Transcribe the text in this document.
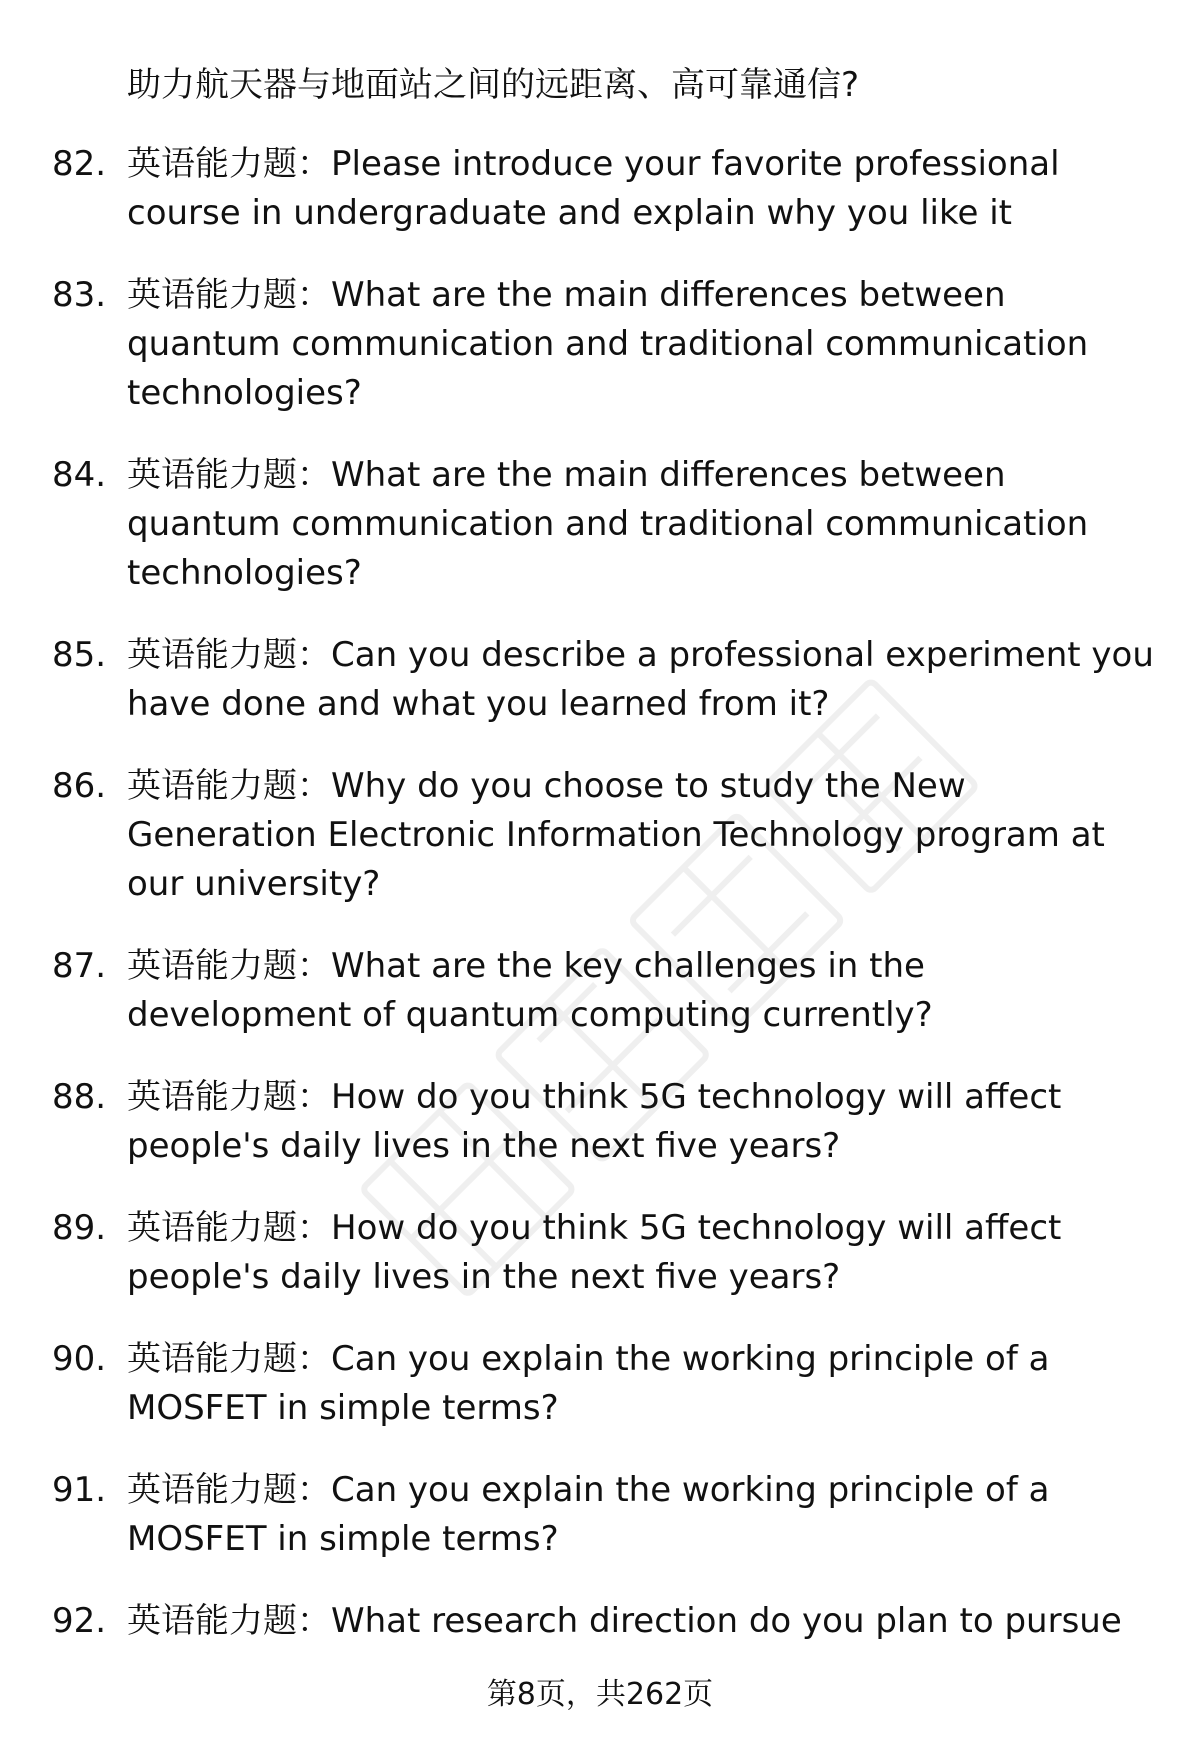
助力航天器与地面站之间的远距离、高可靠通信?
82. 英语能力题：Please introduce your favorite professional course in undergraduate and explain why you like it
83. 英语能力题：What are the main differences between quantum communication and traditional communication technologies?
84. 英语能力题：What are the main differences between quantum communication and traditional communication technologies?
85. 英语能力题：Can you describe a professional experiment you have done and what you learned from it?
86. 英语能力题：Why do you choose to study the New Generation Electronic Information Technology program at our university?
87. 英语能力题：What are the key challenges in the development of quantum computing currently?
88. 英语能力题：How do you think 5G technology will affect people's daily lives in the next five years?
89. 英语能力题：How do you think 5G technology will affect people's daily lives in the next five years?
90. 英语能力题：Can you explain the working principle of a MOSFET in simple terms?
91. 英语能力题：Can you explain the working principle of a MOSFET in simple terms?
92. 英语能力题：What research direction do you plan to pursue
第8页，共262页
